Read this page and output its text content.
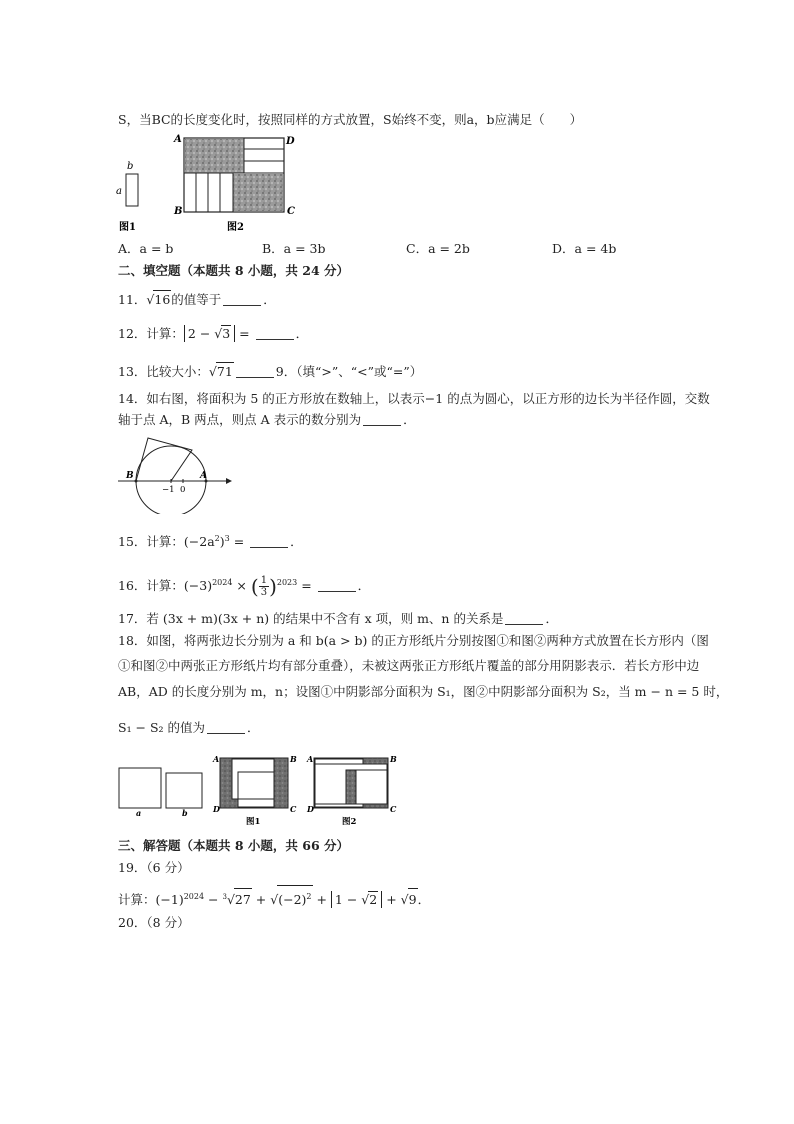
S，当BC的长度变化时，按照同样的方式放置，S始终不变，则a，b应满足（　　）
b
a
A	D
B	C
图1	图2
A．a = b	B．a = 3b	C．a = 2b	D．a = 4b
二、填空题（本题共 8 小题，共 24 分）
11．√16的值等于	．
12．计算： 2 − √3 =	．
13．比较大小：√71	9．（填“>”、“<”或“=”）
14．如右图，将面积为 5 的正方形放在数轴上，以表示−1 的点为圆心，以正方形的边长为半径作圆，交数
轴于点 A，B 两点，则点 A 表示的数分别为	．
B	A
−1 0
15．计算：$(-2a^2)^3$ =	．
16．计算：$(-3)^{2024}$ × ( $\frac{1}{3} )^{2023}$ =	．
17．若 (3x + m)(3x + n) 的结果中不含有 x 项，则 m、n 的关系是	．
18．如图，将两张边长分别为 a 和 b(a > b) 的正方形纸片分别按图①和图②两种方式放置在长方形内（图
①和图②中两张正方形纸片均有部分重叠），未被这两张正方形纸片覆盖的部分用阴影表示．若长方形中边
AB，AD 的长度分别为 m，n；设图①中阴影部分面积为 S₁，图②中阴影部分面积为 S₂，当 m − n = 5 时，
S₁ − S₂ 的值为	．
a	b
A	B
D	C
图1
A	B
D	C
图2
三、解答题（本题共 8 小题，共 66 分）
19．（6 分）
计算：$(-1)^{2024} - ^3√27 + √(-2)^2 + 1 - √2 + √9$．
20．（8 分）
